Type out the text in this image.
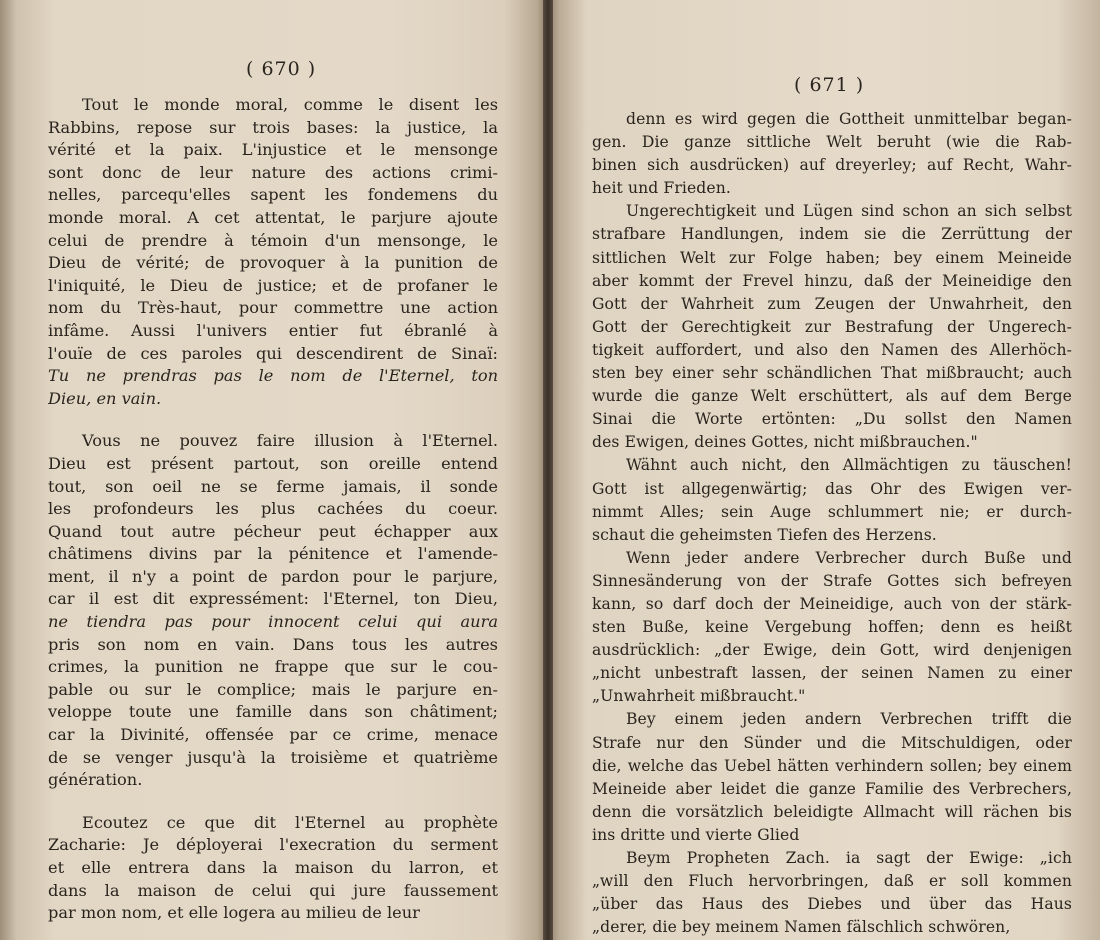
( 670 )
Tout le monde moral, comme le disent les
Rabbins, repose sur trois bases: la justice, la
vérité et la paix. L'injustice et le mensonge
sont donc de leur nature des actions crimi-
nelles, parcequ'elles sapent les fondemens du
monde moral. A cet attentat, le parjure ajoute
celui de prendre à témoin d'un mensonge, le
Dieu de vérité; de provoquer à la punition de
l'iniquité, le Dieu de justice; et de profaner le
nom du Très-haut, pour commettre une action
infâme. Aussi l'univers entier fut ébranlé à
l'ouïe de ces paroles qui descendirent de Sinaï:
Tu ne prendras pas le nom de l'Eternel, ton
Dieu, en vain.
Vous ne pouvez faire illusion à l'Eternel.
Dieu est présent partout, son oreille entend
tout, son oeil ne se ferme jamais, il sonde
les profondeurs les plus cachées du coeur.
Quand tout autre pécheur peut échapper aux
châtimens divins par la pénitence et l'amende-
ment, il n'y a point de pardon pour le parjure,
car il est dit expressément: l'Eternel, ton Dieu,
ne tiendra pas pour innocent celui qui aura
pris son nom en vain. Dans tous les autres
crimes, la punition ne frappe que sur le cou-
pable ou sur le complice; mais le parjure en-
veloppe toute une famille dans son châtiment;
car la Divinité, offensée par ce crime, menace
de se venger jusqu'à la troisième et quatrième
génération.
Ecoutez ce que dit l'Eternel au prophète
Zacharie: Je déployerai l'execration du serment
et elle entrera dans la maison du larron, et
dans la maison de celui qui jure faussement
par mon nom, et elle logera au milieu de leur
( 671 )
denn es wird gegen die Gottheit unmittelbar began-
gen. Die ganze sittliche Welt beruht (wie die Rab-
binen sich ausdrücken) auf dreyerley; auf Recht, Wahr-
heit und Frieden.
Ungerechtigkeit und Lügen sind schon an sich selbst
strafbare Handlungen, indem sie die Zerrüttung der
sittlichen Welt zur Folge haben; bey einem Meineide
aber kommt der Frevel hinzu, daß der Meineidige den
Gott der Wahrheit zum Zeugen der Unwahrheit, den
Gott der Gerechtigkeit zur Bestrafung der Ungerech-
tigkeit auffordert, und also den Namen des Allerhöch-
sten bey einer sehr schändlichen That mißbraucht; auch
wurde die ganze Welt erschüttert, als auf dem Berge
Sinai die Worte ertönten: „Du sollst den Namen
des Ewigen, deines Gottes, nicht mißbrauchen."
Wähnt auch nicht, den Allmächtigen zu täuschen!
Gott ist allgegenwärtig; das Ohr des Ewigen ver-
nimmt Alles; sein Auge schlummert nie; er durch-
schaut die geheimsten Tiefen des Herzens.
Wenn jeder andere Verbrecher durch Buße und
Sinnesänderung von der Strafe Gottes sich befreyen
kann, so darf doch der Meineidige, auch von der stärk-
sten Buße, keine Vergebung hoffen; denn es heißt
ausdrücklich: „der Ewige, dein Gott, wird denjenigen
„nicht unbestraft lassen, der seinen Namen zu einer
„Unwahrheit mißbraucht."
Bey einem jeden andern Verbrechen trifft die
Strafe nur den Sünder und die Mitschuldigen, oder
die, welche das Uebel hätten verhindern sollen; bey einem
Meineide aber leidet die ganze Familie des Verbrechers,
denn die vorsätzlich beleidigte Allmacht will rächen bis
ins dritte und vierte Glied
Beym Propheten Zach. ia sagt der Ewige: „ich
„will den Fluch hervorbringen, daß er soll kommen
„über das Haus des Diebes und über das Haus
„derer, die bey meinem Namen fälschlich schwören,
